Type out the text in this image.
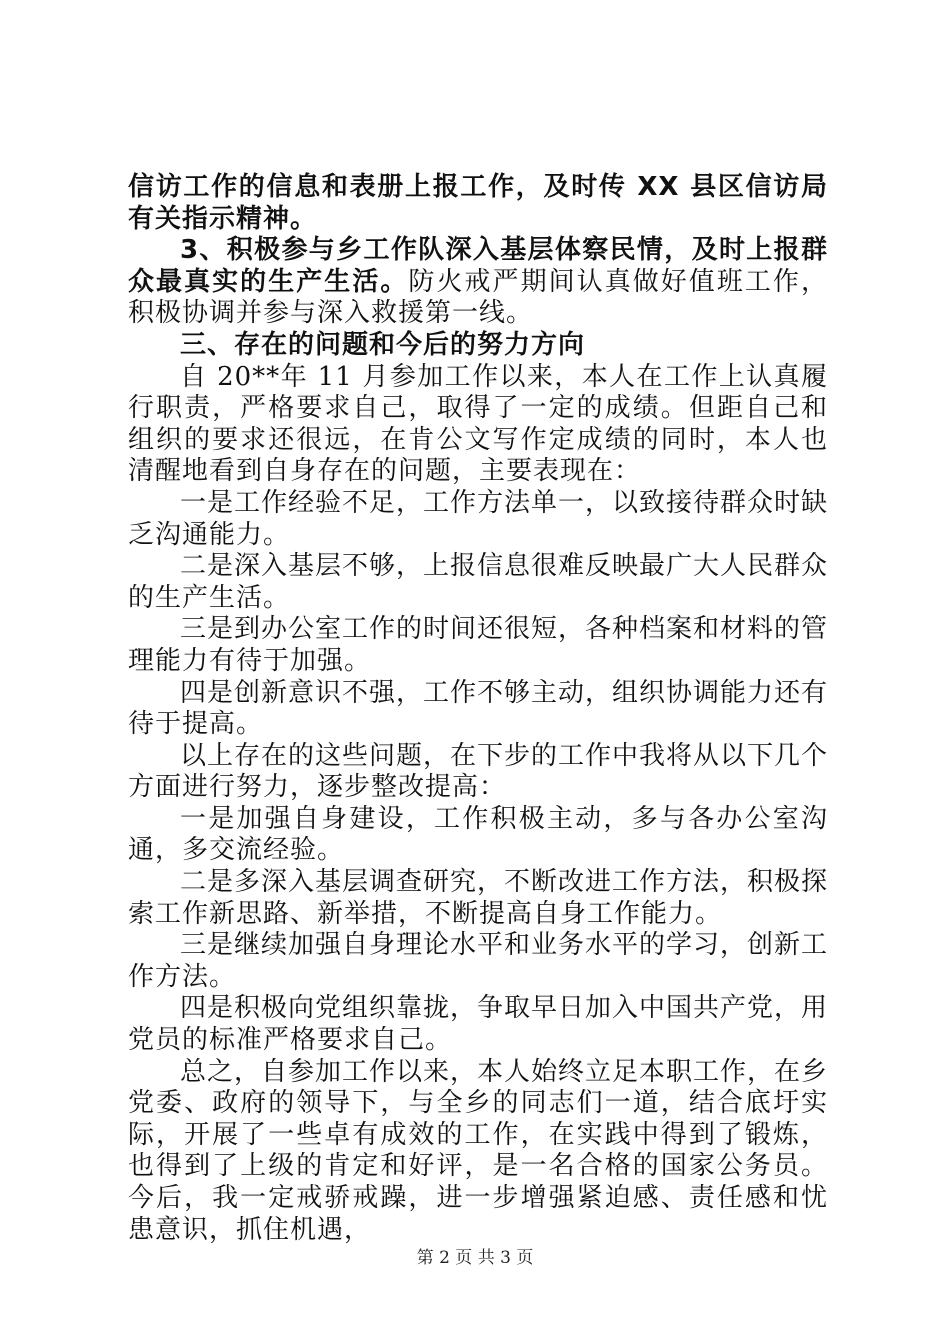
信访工作的信息和表册上报工作，及时传 XX 县区信访局有关指示精神。

3、积极参与乡工作队深入基层体察民情，及时上报群众最真实的生产生活。防火戒严期间认真做好值班工作，积极协调并参与深入救援第一线。

三、存在的问题和今后的努力方向

自 20**年 11 月参加工作以来，本人在工作上认真履行职责，严格要求自己，取得了一定的成绩。但距自己和组织的要求还很远，在肯公文写作定成绩的同时，本人也清醒地看到自身存在的问题，主要表现在：

一是工作经验不足，工作方法单一，以致接待群众时缺乏沟通能力。

二是深入基层不够，上报信息很难反映最广大人民群众的生产生活。

三是到办公室工作的时间还很短，各种档案和材料的管理能力有待于加强。

四是创新意识不强，工作不够主动，组织协调能力还有待于提高。

以上存在的这些问题，在下步的工作中我将从以下几个方面进行努力，逐步整改提高：

一是加强自身建设，工作积极主动，多与各办公室沟通，多交流经验。

二是多深入基层调查研究，不断改进工作方法，积极探索工作新思路、新举措，不断提高自身工作能力。

三是继续加强自身理论水平和业务水平的学习，创新工作方法。

四是积极向党组织靠拢，争取早日加入中国共产党，用党员的标准严格要求自己。

总之，自参加工作以来，本人始终立足本职工作，在乡党委、政府的领导下，与全乡的同志们一道，结合底圩实际，开展了一些卓有成效的工作，在实践中得到了锻炼，也得到了上级的肯定和好评，是一名合格的国家公务员。今后，我一定戒骄戒躁，进一步增强紧迫感、责任感和忧患意识，抓住机遇，

第 2 页 共 3 页
